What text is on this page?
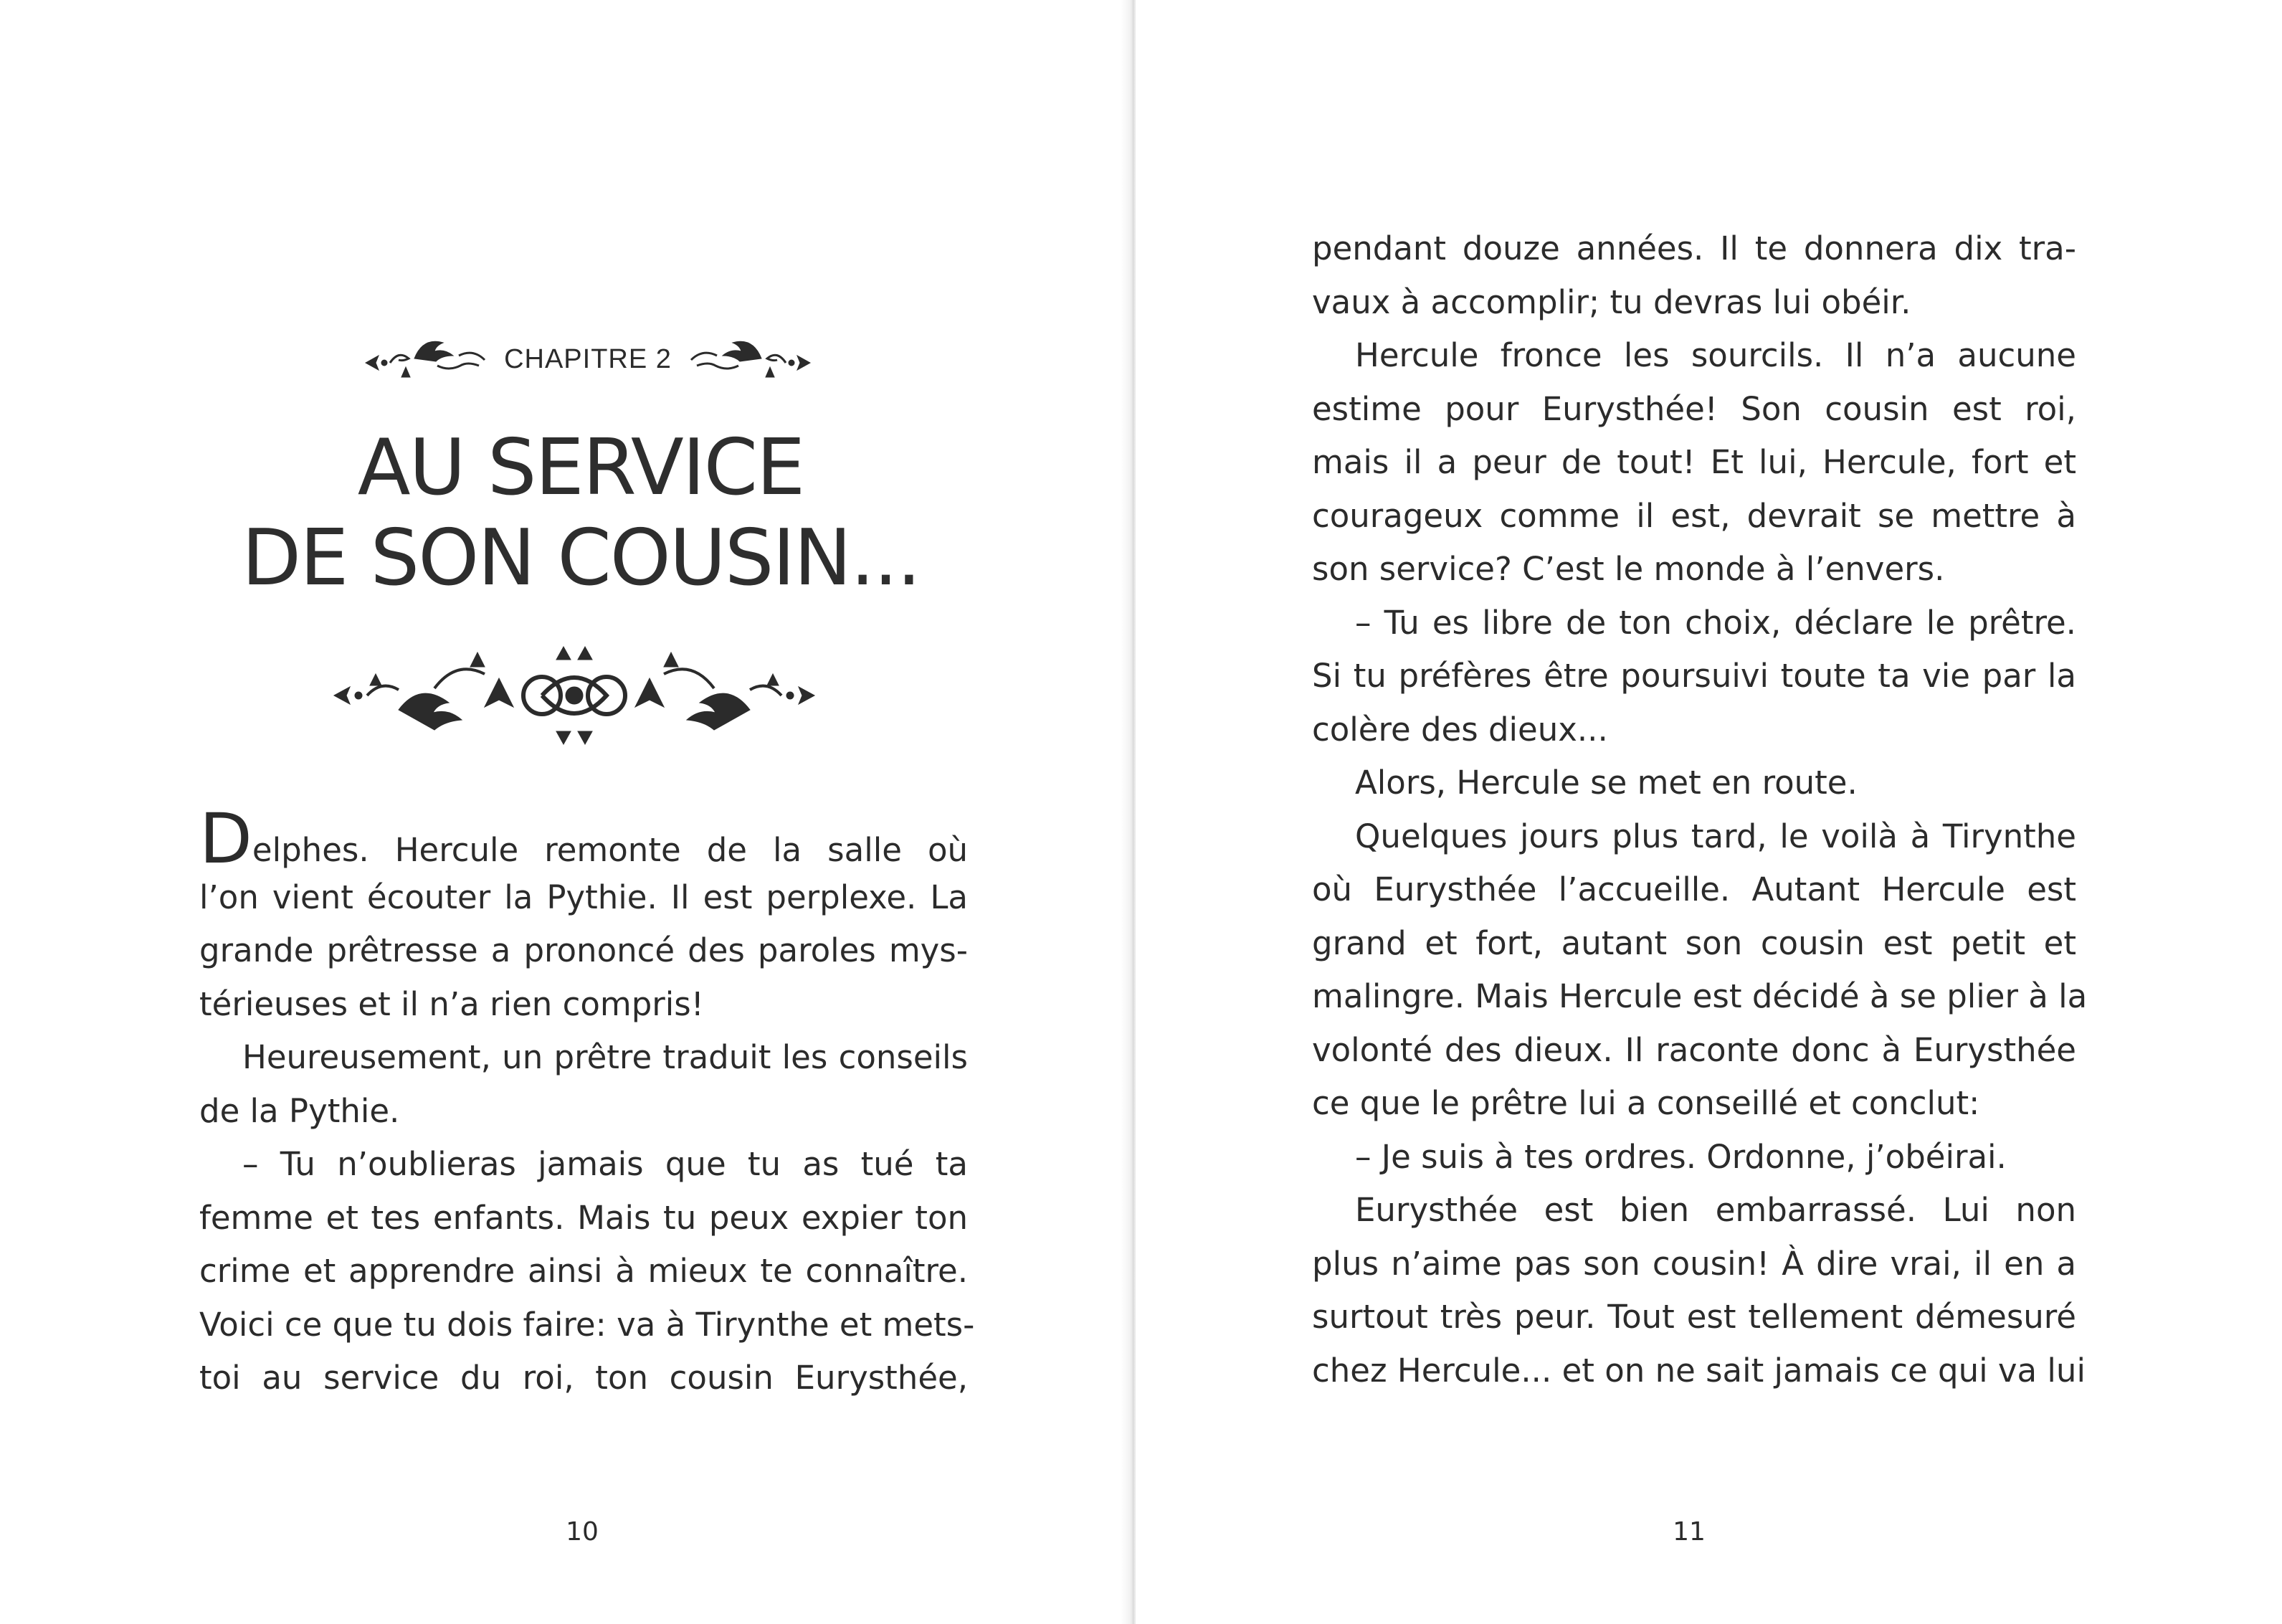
CHAPITRE 2
AU SERVICE
DE SON COUSIN...
Delphes. Hercule remonte de la salle où
l’on vient écouter la Pythie. Il est perplexe. La
grande prêtresse a prononcé des paroles mys-
térieuses et il n’a rien compris!
Heureusement, un prêtre traduit les conseils
de la Pythie.
– Tu n’oublieras jamais que tu as tué ta
femme et tes enfants. Mais tu peux expier ton
crime et apprendre ainsi à mieux te connaître.
Voici ce que tu dois faire: va à Tirynthe et mets-
toi au service du roi, ton cousin Eurysthée,
10	11
pendant douze années. Il te donnera dix tra-
vaux à accomplir; tu devras lui obéir.
Hercule fronce les sourcils. Il n’a aucune
estime pour Eurysthée! Son cousin est roi,
mais il a peur de tout! Et lui, Hercule, fort et
courageux comme il est, devrait se mettre à
son service? C’est le monde à l’envers.
– Tu es libre de ton choix, déclare le prêtre.
Si tu préfères être poursuivi toute ta vie par la
colère des dieux...
Alors, Hercule se met en route.
Quelques jours plus tard, le voilà à Tirynthe
où Eurysthée l’accueille. Autant Hercule est
grand et fort, autant son cousin est petit et
malingre. Mais Hercule est décidé à se plier à la
volonté des dieux. Il raconte donc à Eurysthée
ce que le prêtre lui a conseillé et conclut:
– Je suis à tes ordres. Ordonne, j’obéirai.
Eurysthée est bien embarrassé. Lui non
plus n’aime pas son cousin! À dire vrai, il en a
surtout très peur. Tout est tellement démesuré
chez Hercule... et on ne sait jamais ce qui va lui
